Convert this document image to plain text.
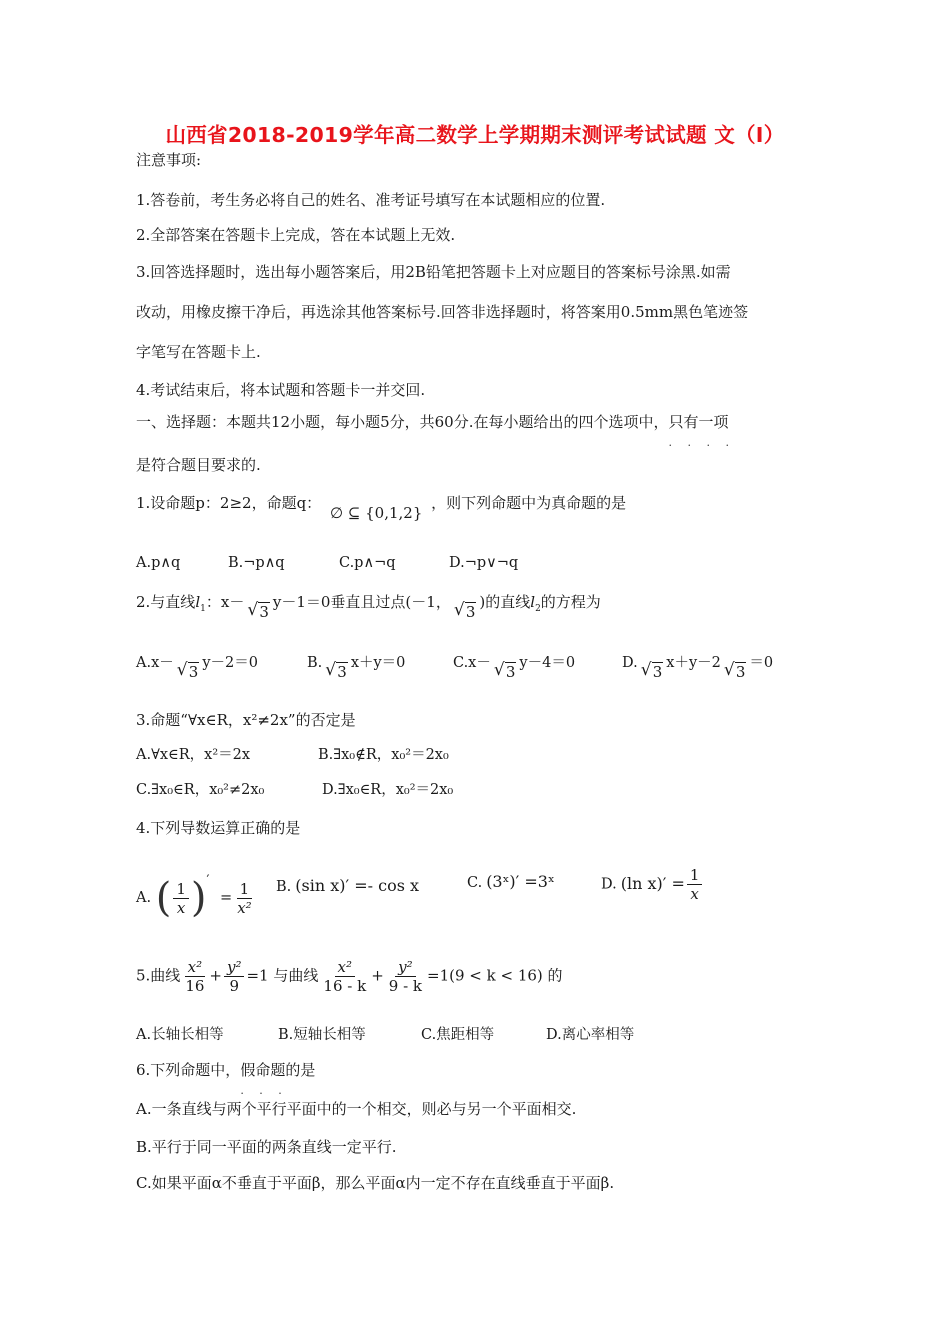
山西省2018-2019学年高二数学上学期期末测评考试试题 文（I）
注意事项:
1.答卷前，考生务必将自己的姓名、准考证号填写在本试题相应的位置.
2.全部答案在答题卡上完成，答在本试题上无效.
3.回答选择题时，选出每小题答案后，用2B铅笔把答题卡上对应题目的答案标号涂黑.如需
改动，用橡皮擦干净后，再选涂其他答案标号.回答非选择题时，将答案用0.5mm黑色笔迹签
字笔写在答题卡上.
4.考试结束后，将本试题和答题卡一并交回.
一、选择题：本题共12小题，每小题5分，共60分.在每小题给出的四个选项中，只有一项
. . . .
是符合题目要求的.
1.设命题p：2≥2，命题q： ∅ ⊆ {0,1,2} ，则下列命题中为真命题的是
A.p∧q	B.¬p∧q	C.p∧¬q	D.¬p∨¬q
2.与直线$l_1$：x－√ 3y－1＝0垂直且过点(－1，√ 3)的直线$l_2$的方程为
A.x－ √ 3 y－2＝0	B. √ 3 x＋y＝0	C.x－ √ 3 y－4＝0	D. √ 3 x＋y－2 √ 3 ＝0
3.命题“∀x∈R，x²≠2x”的否定是
A.∀x∈R，x²＝2x	B.∃x₀∉R，x₀²＝2x₀
C.∃x₀∈R，x₀²≠2x₀	D.∃x₀∈R，x₀²＝2x₀
4.下列导数运算正确的是
A. ( $\frac{1}{x} )' = \frac{1}{\text{x²}} B$. (sin x)′ =- cos x	C. (3ˣ)′ =3ˣ	D. (ln $x)' = \frac{1}{x}$
5.曲线 $\frac{\text{x²}}{16} + \frac{\text{y²}}{9} =1$ 与曲线 $\frac{\text{x²}}{16 - k} + \frac{\text{y²}}{9 - k} =1(9 < k < 16)$ 的
A.长轴长相等	B.短轴长相等	C.焦距相等	D.离心率相等
6.下列命题中，假命题
. . .
的是
A.一条直线与两个平行平面中的一个相交，则必与另一个平面相交.
B.平行于同一平面的两条直线一定平行.
C.如果平面α不垂直于平面β，那么平面α内一定不存在直线垂直于平面β.
